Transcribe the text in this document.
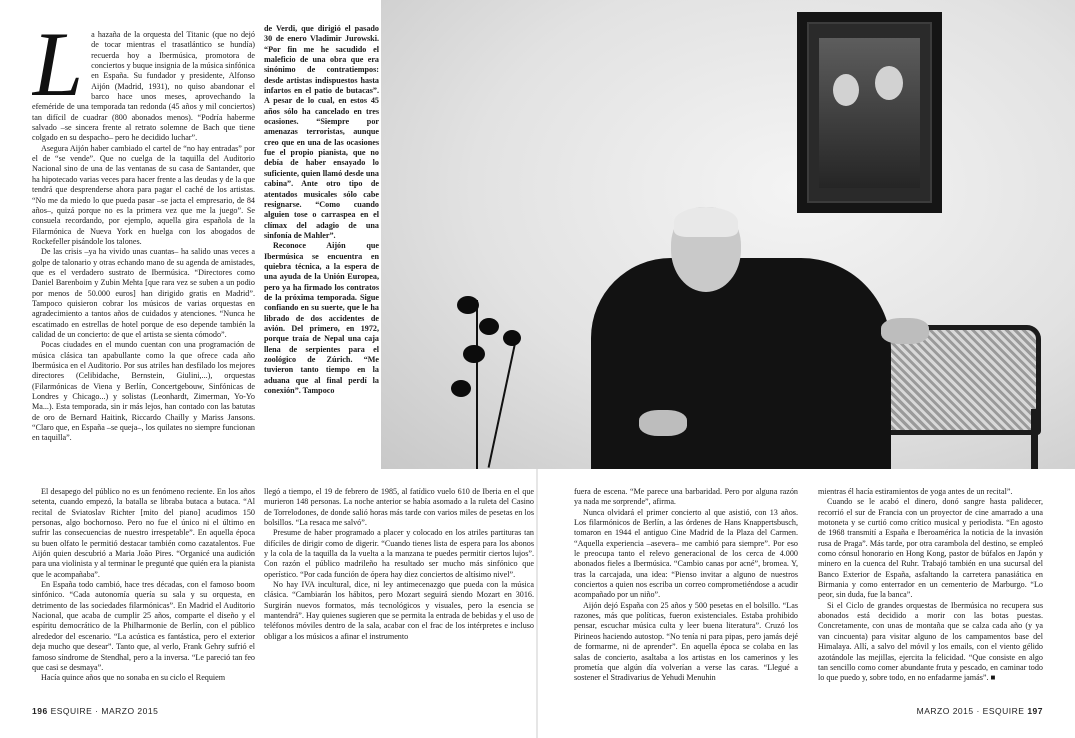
L a hazaña de la orquesta del Titanic (que no dejó de tocar mientras el trasatlántico se hundía) recuerda hoy a Ibermúsica, promotora de conciertos y buque insignia de la música sinfónica en España. Su fundador y presidente, Alfonso Aijón (Madrid, 1931), no quiso abandonar el barco hace unos meses, aprovechando la efeméride de una temporada tan redonda (45 años y mil conciertos) tan difícil de cuadrar (800 abonados menos). “Podría haberme salvado –se sincera frente al retrato solemne de Bach que tiene colgado en su despacho– pero he decidido luchar”.

Asegura Aijón haber cambiado el cartel de “no hay entradas” por el de “se vende”. Que no cuelga de la taquilla del Auditorio Nacional sino de una de las ventanas de su casa de Santander, que ha hipotecado varias veces para hacer frente a las deudas y de la que tendrá que desprenderse ahora para pagar el caché de los artistas. “No me da miedo lo que pueda pasar –se jacta el empresario, de 84 años–, quizá porque no es la primera vez que me la juego”. Se consuela recordando, por ejemplo, aquella gira española de la Filarmónica de Nueva York en huelga con los abogados de Rockefeller pisándole los talones.

De las crisis –ya ha vivido unas cuantas– ha salido unas veces a golpe de talonario y otras echando mano de su agenda de amistades, que es el verdadero sustrato de Ibermúsica. “Directores como Daniel Barenboim y Zubin Mehta [que rara vez se suben a un podio por menos de 50.000 euros] han dirigido gratis en Madrid”. Tampoco quisieron cobrar los músicos de varias orquestas en agradecimiento a tantos años de cuidados y atenciones. “Nunca he escatimado en estrellas de hotel porque de eso depende también la calidad de un concierto: de que el artista se sienta cómodo”.

Pocas ciudades en el mundo cuentan con una programación de música clásica tan apabullante como la que ofrece cada año Ibermúsica en el Auditorio. Por sus atriles han desfilado los mejores directores (Celibidache, Bernstein, Giulini,...), orquestas (Filarmónicas de Viena y Berlín, Concertgebouw, Sinfónicas de Londres y Chicago...) y solistas (Leonhardt, Zimerman, Yo-Yo Ma...). Esta temporada, sin ir más lejos, han contado con las batutas de oro de Bernard Haitink, Riccardo Chailly y Mariss Jansons. “Claro que, en España –se queja–, los quilates no siempre funcionan en taquilla”.

de Verdi, que dirigió el pasado 30 de enero Vladimir Jurowski. “Por fin me he sacudido el maleficio de una obra que era sinónimo de contratiempos: desde artistas indispuestos hasta infartos en el patio de butacas”. A pesar de lo cual, en estos 45 años sólo ha cancelado en tres ocasiones. “Siempre por amenazas terroristas, aunque creo que en una de las ocasiones fue el propio pianista, que no debía de haber ensayado lo suficiente, quien llamó desde una cabina”. Ante otro tipo de atentados musicales sólo cabe resignarse. “Como cuando alguien tose o carraspea en el clímax del adagio de una sinfonía de Mahler”.

Reconoce Aijón que Ibermúsica se encuentra en quiebra técnica, a la espera de una ayuda de la Unión Europea, pero ya ha firmado los contratos de la próxima temporada. Sigue confiando en su suerte, que le ha librado de dos accidentes de avión. Del primero, en 1972, porque traía de Nepal una caja llena de serpientes para el zoológico de Zúrich. “Me tuvieron tanto tiempo en la aduana que al final perdí la conexión”. Tampoco

El desapego del público no es un fenómeno reciente. En los años setenta, cuando empezó, la batalla se libraba butaca a butaca. “Al recital de Sviatoslav Richter [mito del piano] acudimos 150 personas, algo bochornoso. Pero no fue el único ni el último en sufrir las consecuencias de nuestro irrespetable”. En aquella época su buen olfato le permitió destacar también como cazatalentos. Fue Aijón quien descubrió a Maria João Pires. “Organicé una audición para una violinista y al terminar le pregunté que quién era la pianista que le acompañaba”.

En España todo cambió, hace tres décadas, con el famoso boom sinfónico. “Cada autonomía quería su sala y su orquesta, en detrimento de las sociedades filarmónicas”. En Madrid el Auditorio Nacional, que acaba de cumplir 25 años, comparte el diseño y el espíritu democrático de la Philharmonie de Berlín, con el público alrededor del escenario. “La acústica es fantástica, pero el exterior deja mucho que desear”. Tanto que, al verlo, Frank Gehry sufrió el famoso síndrome de Stendhal, pero a la inversa. “Le pareció tan feo que casi se desmaya”.

Hacía quince años que no sonaba en su ciclo el Requiem

llegó a tiempo, el 19 de febrero de 1985, al fatídico vuelo 610 de Iberia en el que murieron 148 personas. La noche anterior se había asomado a la ruleta del Casino de Torrelodones, de donde salió horas más tarde con varios miles de pesetas en los bolsillos. “La resaca me salvó”.

Presume de haber programado a placer y colocado en los atriles partituras tan difíciles de dirigir como de digerir. “Cuando tienes lista de espera para los abonos y la cola de la taquilla da la vuelta a la manzana te puedes permitir ciertos lujos”. Con razón el público madrileño ha resultado ser mucho más sinfónico que operístico. “Por cada función de ópera hay diez conciertos de altísimo nivel”.

No hay IVA incultural, dice, ni ley antimecenazgo que pueda con la música clásica. “Cambiarán los hábitos, pero Mozart seguirá siendo Mozart en 3016. Surgirán nuevos formatos, más tecnológicos y visuales, pero la esencia se mantendrá”. Hay quienes sugieren que se permita la entrada de bebidas y el uso de teléfonos móviles dentro de la sala, acabar con el frac de los intérpretes e incluso obligar a los músicos a afinar el instrumento

fuera de escena. “Me parece una barbaridad. Pero por alguna razón ya nada me sorprende”, afirma.

Nunca olvidará el primer concierto al que asistió, con 13 años. Los filarmónicos de Berlín, a las órdenes de Hans Knappertsbusch, tomaron en 1944 el antiguo Cine Madrid de la Plaza del Carmen. “Aquella experiencia –asevera– me cambió para siempre”. Por eso le preocupa tanto el relevo generacional de los cerca de 4.000 abonados fieles a Ibermúsica. “Cambio canas por acné”, bromea. Y, tras la carcajada, una idea: “Pienso invitar a alguno de nuestros conciertos a quien nos escriba un correo comprometiéndose a acudir acompañado por un niño”.

Aijón dejó España con 25 años y 500 pesetas en el bolsillo. “Las razones, más que políticas, fueron existenciales. Estaba prohibido pensar, escuchar música culta y leer buena literatura”. Cruzó los Pirineos haciendo autostop. “No tenía ni para pipas, pero jamás dejé de formarme, ni de aprender”. En aquella época se colaba en las salas de concierto, asaltaba a los artistas en los camerinos y les prometía que algún día volverían a verse las caras. “Llegué a sostener el Stradivarius de Yehudi Menuhin

mientras él hacía estiramientos de yoga antes de un recital”.

Cuando se le acabó el dinero, donó sangre hasta palidecer, recorrió el sur de Francia con un proyector de cine amarrado a una motoneta y se curtió como crítico musical y periodista. “En agosto de 1968 transmití a España e Iberoamérica la noticia de la invasión rusa de Praga”. Más tarde, por otra carambola del destino, se empleó como cónsul honorario en Hong Kong, pastor de búfalos en Japón y minero en la cuenca del Ruhr. Trabajó también en una sucursal del Banco Exterior de España, asfaltando la carretera panasiática en Birmania y como enterrador en un cementerio de Marburgo. “Lo peor, sin duda, fue la banca”.

Si el Ciclo de grandes orquestas de Ibermúsica no recupera sus abonados está decidido a morir con las botas puestas. Concretamente, con unas de montaña que se calza cada año (y ya van cincuenta) para visitar alguno de los campamentos base del Himalaya. Allí, a salvo del móvil y los emails, con el viento gélido azotándole las mejillas, ejercita la felicidad. “Que consiste en algo tan sencillo como comer abundante fruta y pescado, en caminar todo lo que puedo y, sobre todo, en no enfadarme jamás”. ■

196 ESQUIRE · MARZO 2015	MARZO 2015 · ESQUIRE 197
